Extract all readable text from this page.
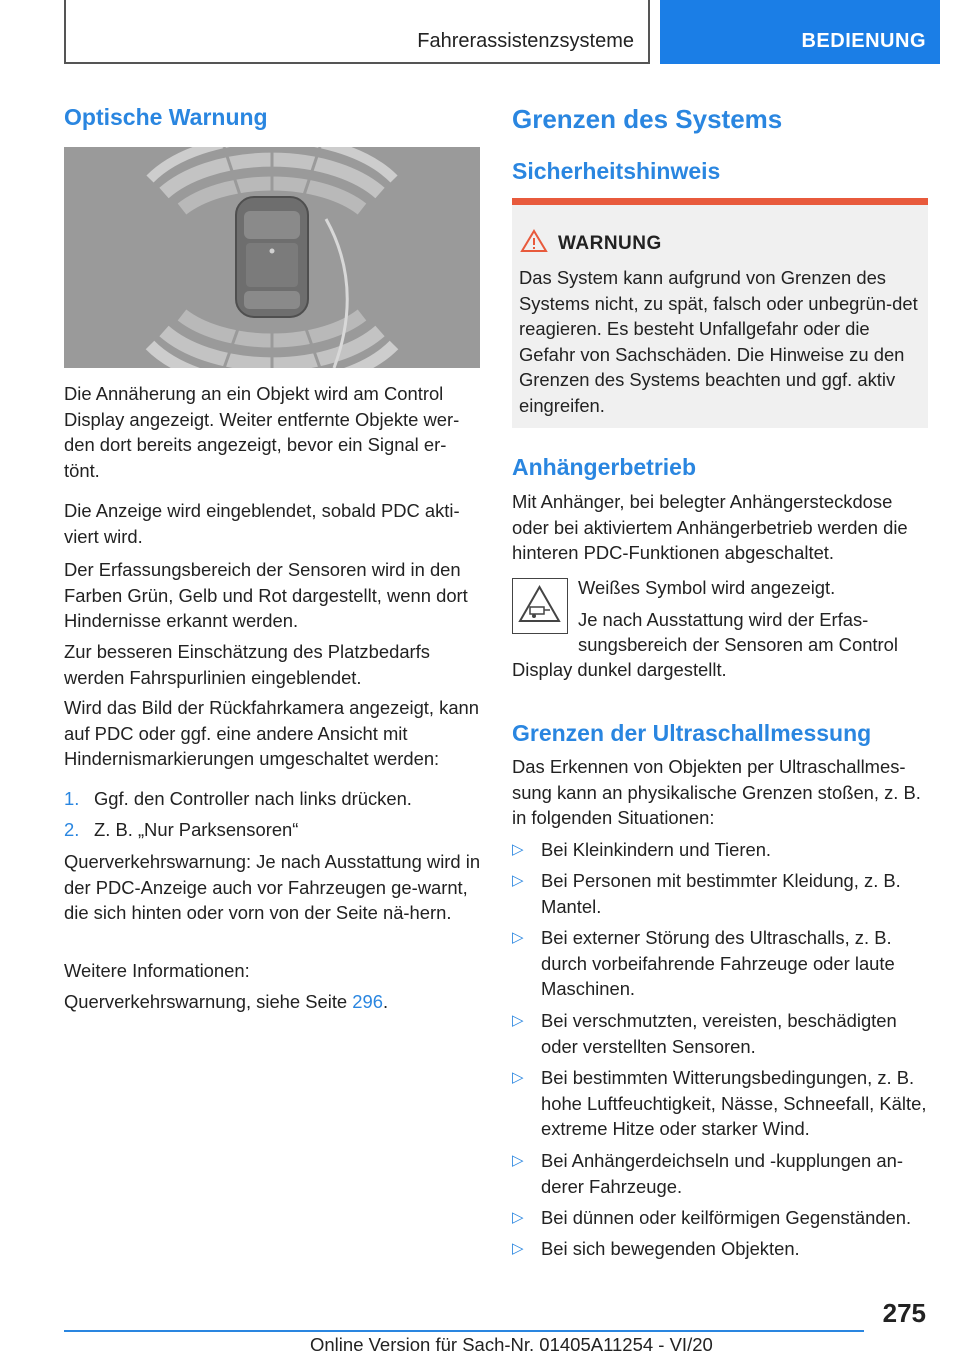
Fahrerassistenzsysteme	BEDIENUNG
Optische Warnung

Die Annäherung an ein Objekt wird am Control Display angezeigt. Weiter entfernte Objekte wer-den dort bereits angezeigt, bevor ein Signal er-tönt.

Die Anzeige wird eingeblendet, sobald PDC akti-viert wird.

Der Erfassungsbereich der Sensoren wird in den Farben Grün, Gelb und Rot dargestellt, wenn dort Hindernisse erkannt werden.

Zur besseren Einschätzung des Platzbedarfs werden Fahrspurlinien eingeblendet.

Wird das Bild der Rückfahrkamera angezeigt, kann auf PDC oder ggf. eine andere Ansicht mit Hindernismarkierungen umgeschaltet werden:

1. Ggf. den Controller nach links drücken.
2. Z. B. „Nur Parksensoren“

Querverkehrswarnung: Je nach Ausstattung wird in der PDC-Anzeige auch vor Fahrzeugen ge-warnt, die sich hinten oder vorn von der Seite nä-hern.

Weitere Informationen:

Querverkehrswarnung, siehe Seite 296.

Grenzen des Systems
Sicherheitshinweis
WARNUNG
Das System kann aufgrund von Grenzen des Systems nicht, zu spät, falsch oder unbegrün-det reagieren. Es besteht Unfallgefahr oder die Gefahr von Sachschäden. Die Hinweise zu den Grenzen des Systems beachten und ggf. aktiv eingreifen.
Anhängerbetrieb

Mit Anhänger, bei belegter Anhängersteckdose oder bei aktiviertem Anhängerbetrieb werden die hinteren PDC-Funktionen abgeschaltet.

Weißes Symbol wird angezeigt.

Je nach Ausstattung wird der Erfas-

sungsbereich der Sensoren am Control

Display dunkel dargestellt.

Grenzen der Ultraschallmessung

Das Erkennen von Objekten per Ultraschallmes-sung kann an physikalische Grenzen stoßen, z. B. in folgenden Situationen:

▷ Bei Kleinkindern und Tieren.
▷ Bei Personen mit bestimmter Kleidung, z. B. Mantel.
▷ Bei externer Störung des Ultraschalls, z. B. durch vorbeifahrende Fahrzeuge oder laute Maschinen.
▷ Bei verschmutzten, vereisten, beschädigten oder verstellten Sensoren.
▷ Bei bestimmten Witterungsbedingungen, z. B. hohe Luftfeuchtigkeit, Nässe, Schneefall, Kälte, extreme Hitze oder starker Wind.
▷ Bei Anhängerdeichseln und -kupplungen an-derer Fahrzeuge.
▷ Bei dünnen oder keilförmigen Gegenständen.
▷ Bei sich bewegenden Objekten.
275
Online Version für Sach-Nr. 01405A11254 - VI/20
